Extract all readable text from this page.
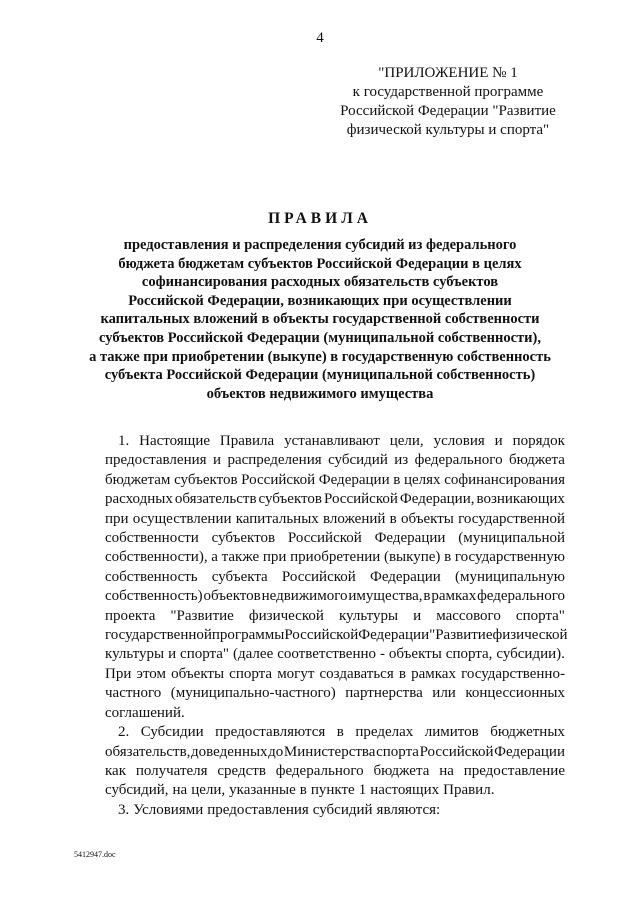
4
"ПРИЛОЖЕНИЕ № 1
к государственной программе
Российской Федерации "Развитие
физической культуры и спорта"
ПРАВИЛА
предоставления и распределения субсидий из федерального
бюджета бюджетам субъектов Российской Федерации в целях
софинансирования расходных обязательств субъектов
Российской Федерации, возникающих при осуществлении
капитальных вложений в объекты государственной собственности
субъектов Российской Федерации (муниципальной собственности),
а также при приобретении (выкупе) в государственную собственность
субъекта Российской Федерации (муниципальной собственность)
объектов недвижимого имущества
1. Настоящие Правила устанавливают цели, условия и порядок
предоставления и распределения субсидий из федерального бюджета
бюджетам субъектов Российской Федерации в целях софинансирования
расходных обязательств субъектов Российской Федерации, возникающих
при осуществлении капитальных вложений в объекты государственной
собственности субъектов Российской Федерации (муниципальной
собственности), а также при приобретении (выкупе) в государственную
собственность субъекта Российской Федерации (муниципальную
собственность) объектов недвижимого имущества, в рамках федерального
проекта "Развитие физической культуры и массового спорта"
государственной программы Российской Федерации "Развитие физической
культуры и спорта" (далее соответственно - объекты спорта, субсидии).
При этом объекты спорта могут создаваться в рамках государственно-
частного (муниципально-частного) партнерства или концессионных
соглашений.
2. Субсидии предоставляются в пределах лимитов бюджетных
обязательств, доведенных до Министерства спорта Российской Федерации
как получателя средств федерального бюджета на предоставление
субсидий, на цели, указанные в пункте 1 настоящих Правил.
3. Условиями предоставления субсидий являются:
5412947.doc
